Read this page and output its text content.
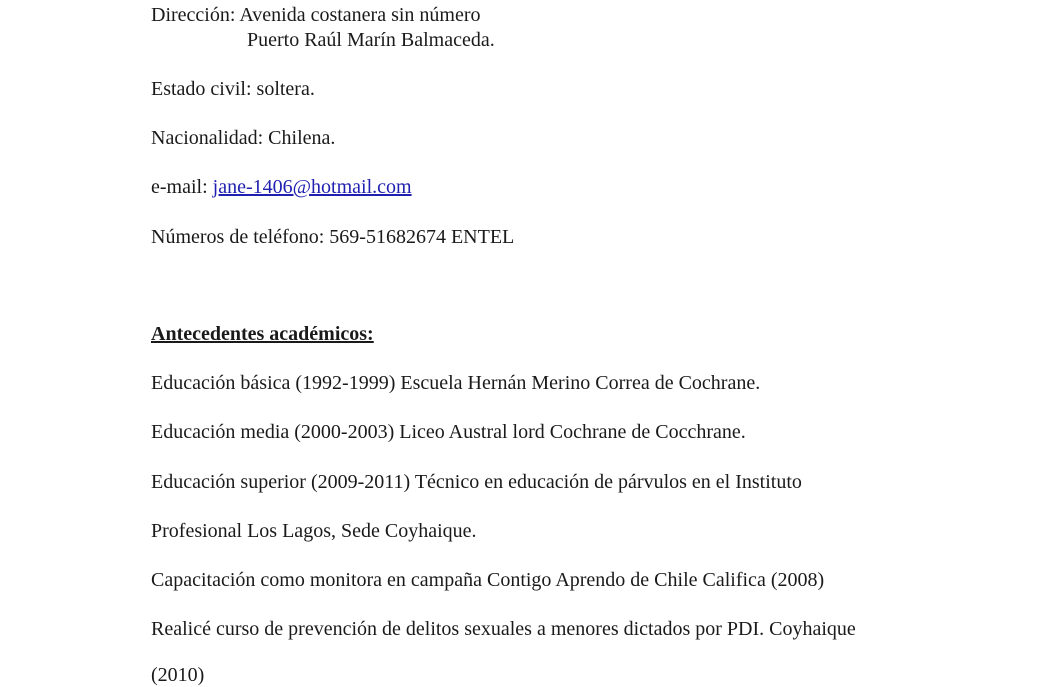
Dirección: Avenida costanera sin número
Puerto Raúl Marín Balmaceda.
Estado civil: soltera.
Nacionalidad: Chilena.
e-mail: jane-1406@hotmail.com
Números de teléfono: 569-51682674 ENTEL
Antecedentes académicos:
Educación básica (1992-1999) Escuela Hernán Merino Correa de Cochrane.
Educación media (2000-2003) Liceo Austral lord Cochrane de Cocchrane.
Educación superior (2009-2011) Técnico en educación de párvulos en el Instituto
Profesional Los Lagos, Sede Coyhaique.
Capacitación como monitora en campaña Contigo Aprendo de Chile Califica (2008)
Realicé curso de prevención de delitos sexuales a menores dictados por PDI. Coyhaique
(2010)
